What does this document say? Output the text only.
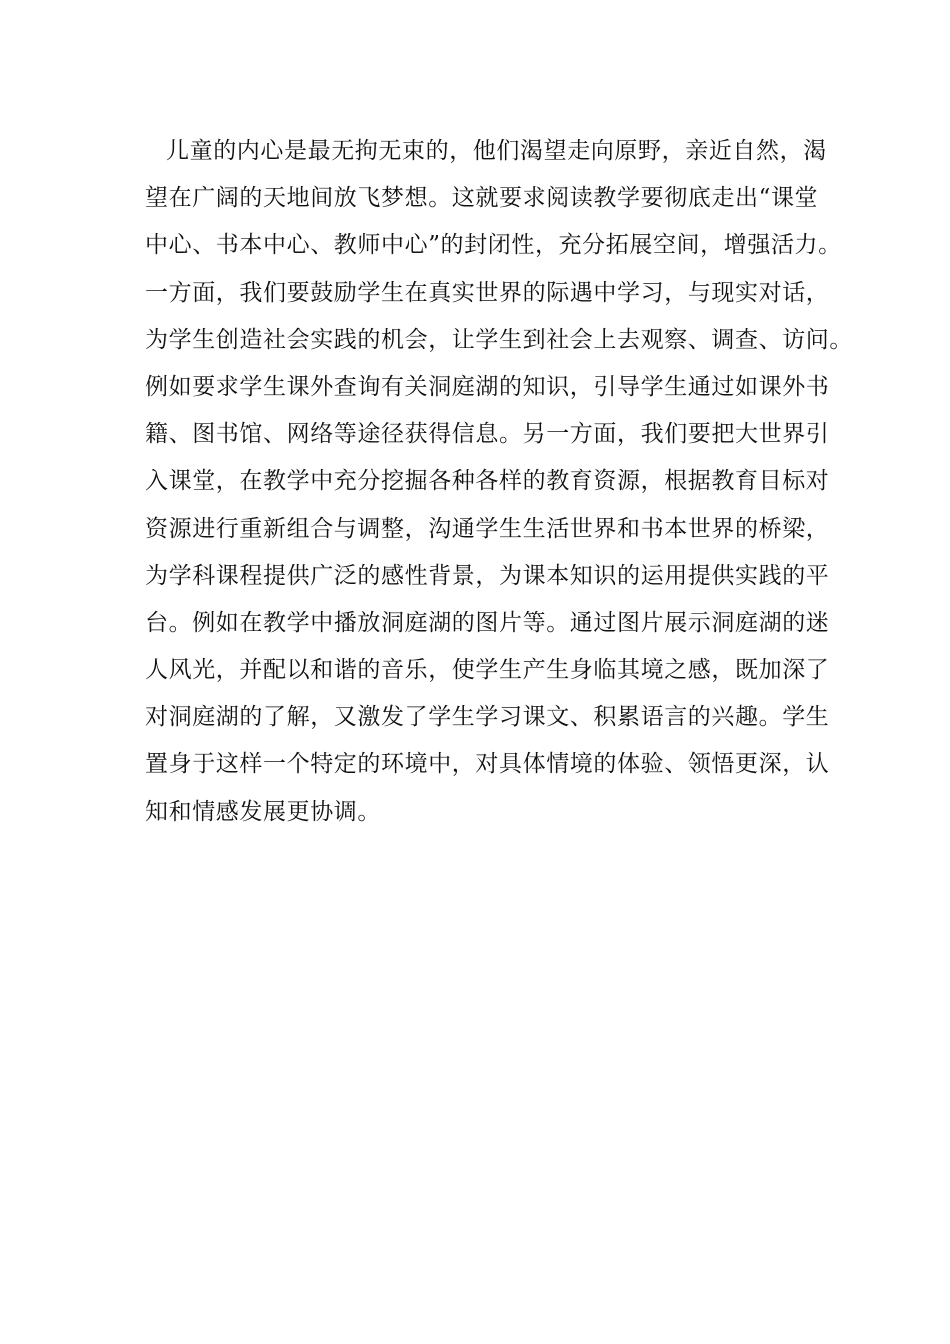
儿童的内心是最无拘无束的，他们渴望走向原野，亲近自然，渴
望在广阔的天地间放飞梦想。这就要求阅读教学要彻底走出“课堂
中心、书本中心、教师中心”的封闭性，充分拓展空间，增强活力。
一方面，我们要鼓励学生在真实世界的际遇中学习，与现实对话，
为学生创造社会实践的机会，让学生到社会上去观察、调查、访问。
例如要求学生课外查询有关洞庭湖的知识，引导学生通过如课外书
籍、图书馆、网络等途径获得信息。另一方面，我们要把大世界引
入课堂，在教学中充分挖掘各种各样的教育资源，根据教育目标对
资源进行重新组合与调整，沟通学生生活世界和书本世界的桥梁，
为学科课程提供广泛的感性背景，为课本知识的运用提供实践的平
台。例如在教学中播放洞庭湖的图片等。通过图片展示洞庭湖的迷
人风光，并配以和谐的音乐，使学生产生身临其境之感，既加深了
对洞庭湖的了解，又激发了学生学习课文、积累语言的兴趣。学生
置身于这样一个特定的环境中，对具体情境的体验、领悟更深，认
知和情感发展更协调。
